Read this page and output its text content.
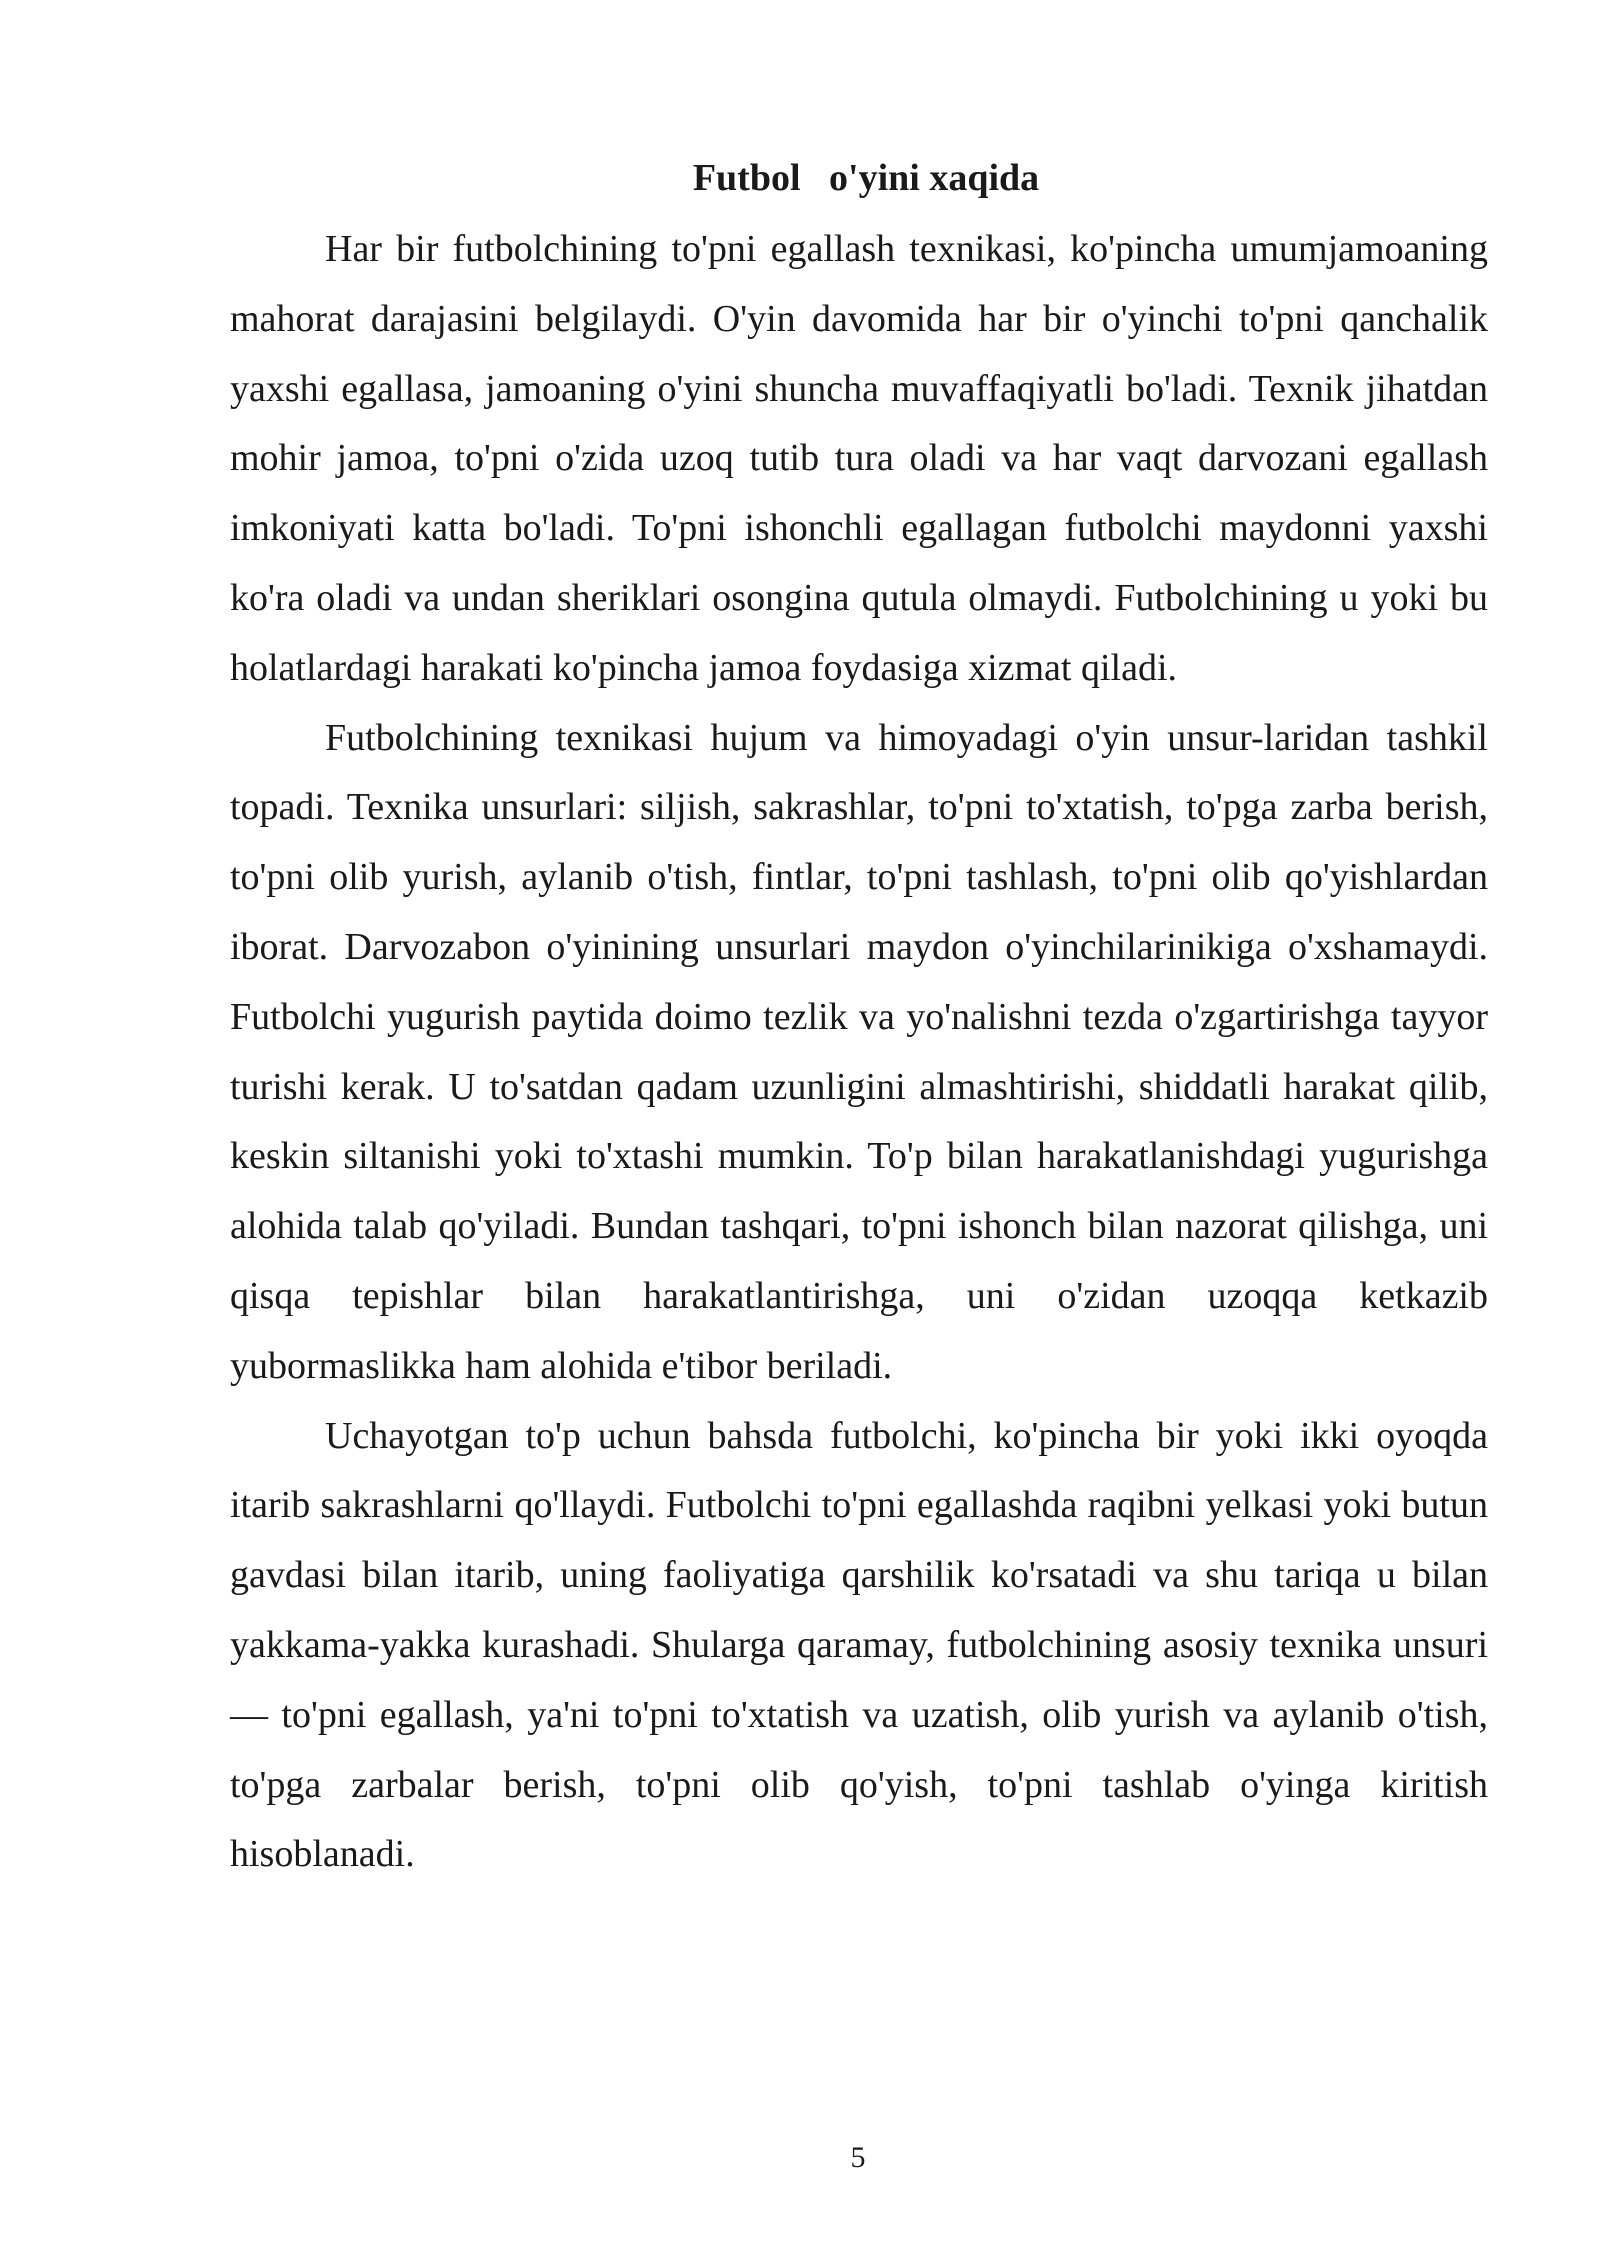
Futbol   o'yini xaqida

Har bir futbolchining to'pni egallash texnikasi, ko'pincha umumjamoaning mahorat darajasini belgilaydi. O'yin davomida har bir o'yinchi to'pni qanchalik yaxshi egallasa, jamoaning o'yini shuncha muvaffaqiyatli bo'ladi. Texnik jihatdan mohir jamoa, to'pni o'zida uzoq tutib tura oladi va har vaqt darvozani egallash imkoniyati katta bo'ladi. To'pni ishonchli egallagan futbolchi maydonni yaxshi ko'ra oladi va undan sheriklari osongina qutula olmaydi. Futbolchining u yoki bu holatlardagi harakati ko'pincha jamoa foydasiga xizmat qiladi.

Futbolchining texnikasi hujum va himoyadagi o'yin unsur-laridan tashkil topadi. Texnika unsurlari: siljish, sakrashlar, to'pni to'xtatish, to'pga zarba berish, to'pni olib yurish, aylanib o'tish, fintlar, to'pni tashlash, to'pni olib qo'yishlardan iborat. Darvozabon o'yinining unsurlari maydon o'yinchilarinikiga o'xshamaydi. Futbolchi yugurish paytida doimo tezlik va yo'nalishni tezda o'zgartirishga tayyor turishi kerak. U to'satdan qadam uzunligini almashtirishi, shiddatli harakat qilib, keskin siltanishi yoki to'xtashi mumkin. To'p bilan harakatlanishdagi yugurishga alohida talab qo'yiladi. Bundan tashqari, to'pni ishonch bilan nazorat qilishga, uni qisqa tepishlar bilan harakatlantirishga, uni o'zidan uzoqqa ketkazib yubormaslikka ham alohida e'tibor beriladi.

Uchayotgan to'p uchun bahsda futbolchi, ko'pincha bir yoki ikki oyoqda itarib sakrashlarni qo'llaydi. Futbolchi to'pni egallashda raqibni yelkasi yoki butun gavdasi bilan itarib, uning faoliyatiga qarshilik ko'rsatadi va shu tariqa u bilan yakkama-yakka kurashadi. Shularga qaramay, futbolchining asosiy texnika unsuri — to'pni egallash, ya'ni to'pni to'xtatish va uzatish, olib yurish va aylanib o'tish, to'pga zarbalar berish, to'pni olib qo'yish, to'pni tashlab o'yinga kiritish hisoblanadi.

5
